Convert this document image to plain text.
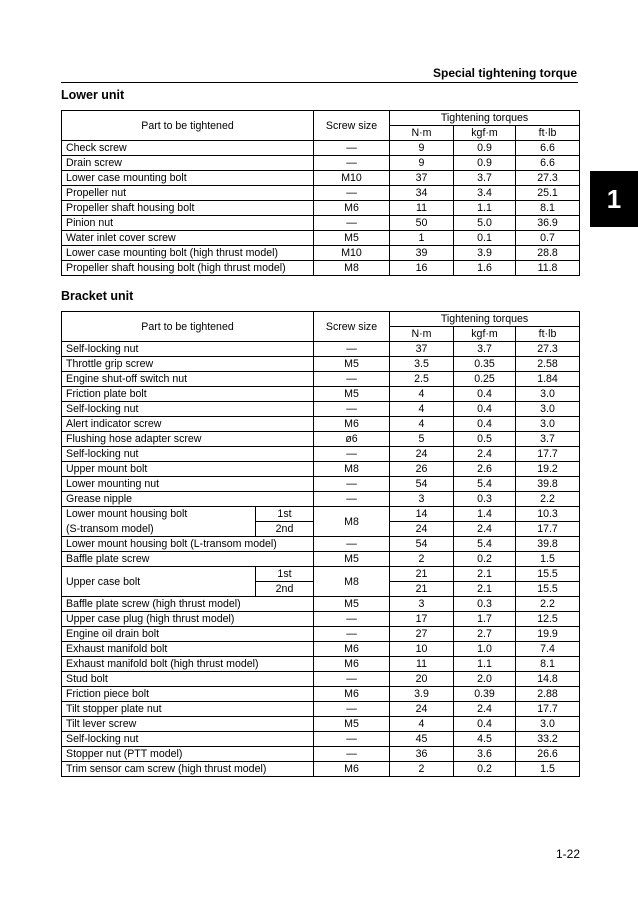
Special tightening torque
1
Lower unit
Part to be tightened	Screw size	Tightening torques		
		N·m	kgf·m	ft·lb
Check screw	—	9	0.9	6.6
Drain screw	—	9	0.9	6.6
Lower case mounting bolt	M10	37	3.7	27.3
Propeller nut	—	34	3.4	25.1
Propeller shaft housing bolt	M6	11	1.1	8.1
Pinion nut	—	50	5.0	36.9
Water inlet cover screw	M5	1	0.1	0.7
Lower case mounting bolt (high thrust model)	M10	39	3.9	28.8
Propeller shaft housing bolt (high thrust model)	M8	16	1.6	11.8
Bracket unit
Part to be tightened		Screw size	Tightening torques		
			N·m	kgf·m	ft·lb
Self-locking nut		—	37	3.7	27.3
Throttle grip screw		M5	3.5	0.35	2.58
Engine shut-off switch nut		—	2.5	0.25	1.84
Friction plate bolt		M5	4	0.4	3.0
Self-locking nut		—	4	0.4	3.0
Alert indicator screw		M6	4	0.4	3.0
Flushing hose adapter screw		ø6	5	0.5	3.7
Self-locking nut		—	24	2.4	17.7
Upper mount bolt		M8	26	2.6	19.2
Lower mounting nut		—	54	5.4	39.8
Grease nipple		—	3	0.3	2.2
Lower mount housing bolt	1st	M8	14	1.4	10.3
(S-transom model)	2nd		24	2.4	17.7
Lower mount housing bolt (L-transom model)		—	54	5.4	39.8
Baffle plate screw		M5	2	0.2	1.5
Upper case bolt	1st	M8	21	2.1	15.5
	2nd		21	2.1	15.5
Baffle plate screw (high thrust model)		M5	3	0.3	2.2
Upper case plug (high thrust model)		—	17	1.7	12.5
Engine oil drain bolt		—	27	2.7	19.9
Exhaust manifold bolt		M6	10	1.0	7.4
Exhaust manifold bolt (high thrust model)		M6	11	1.1	8.1
Stud bolt		—	20	2.0	14.8
Friction piece bolt		M6	3.9	0.39	2.88
Tilt stopper plate nut		—	24	2.4	17.7
Tilt lever screw		M5	4	0.4	3.0
Self-locking nut		—	45	4.5	33.2
Stopper nut (PTT model)		—	36	3.6	26.6
Trim sensor cam screw (high thrust model)		M6	2	0.2	1.5
1-22
